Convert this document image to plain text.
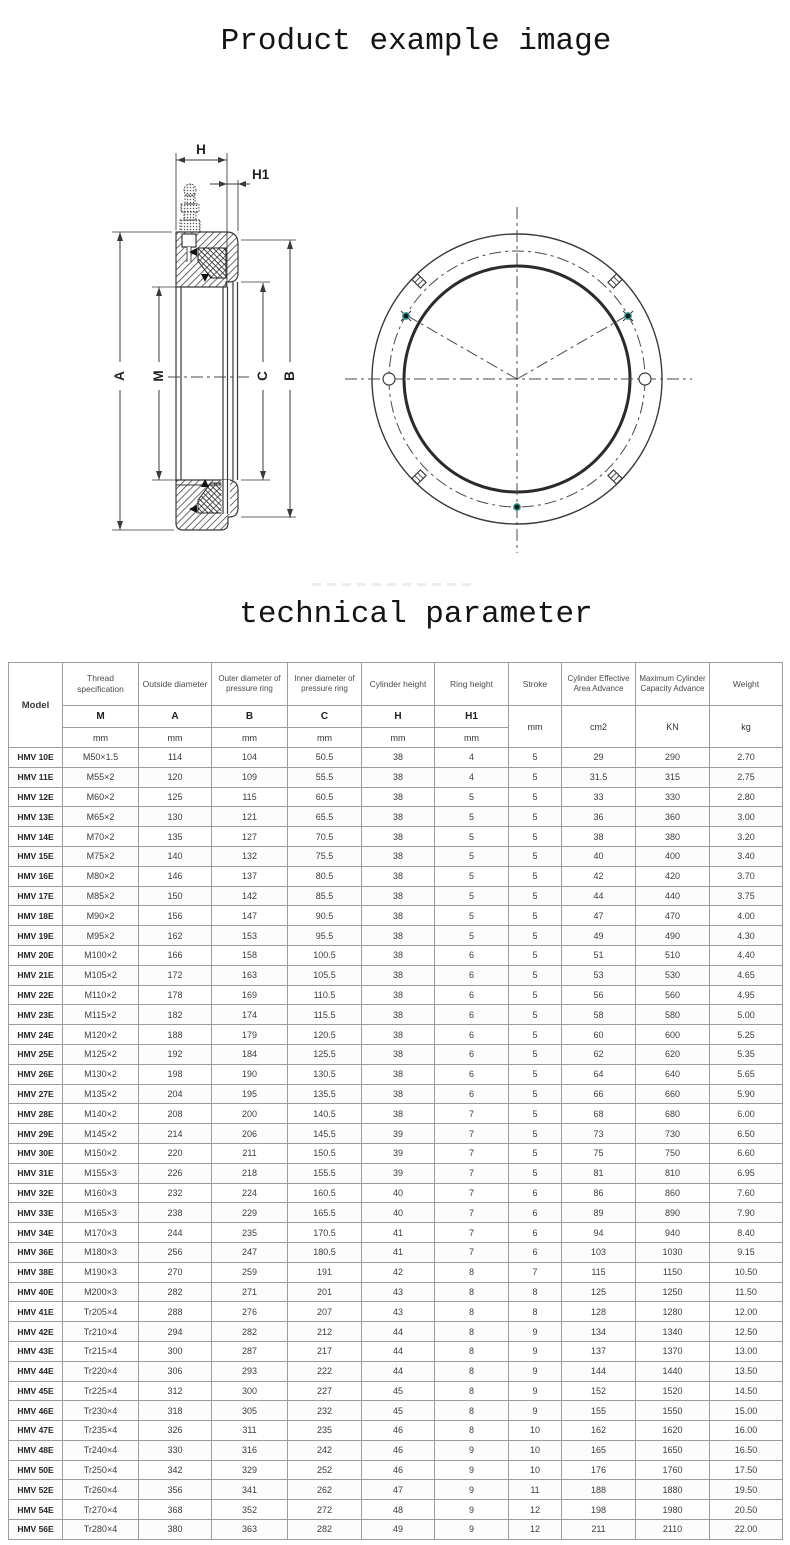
Product example image
H
H1
A M	C B
technical parameter
Model	Thread specification	Outside diameter	Outer diameter of pressure ring	Inner diameter of pressure ring	Cylinder height	Ring height	Stroke	Cylinder Effective Area Advance	Maximum Cylinder Capacity Advance	Weight
	M	A	B	C	H	H1	mm	cm2	KN	kg
	mm	mm	mm	mm	mm	mm				
HMV 10E	M50×1.5	114	104	50.5	38	4	5	29	290	2.70
HMV 11E	M55×2	120	109	55.5	38	4	5	31.5	315	2.75
HMV 12E	M60×2	125	115	60.5	38	5	5	33	330	2.80
HMV 13E	M65×2	130	121	65.5	38	5	5	36	360	3.00
HMV 14E	M70×2	135	127	70.5	38	5	5	38	380	3.20
HMV 15E	M75×2	140	132	75.5	38	5	5	40	400	3.40
HMV 16E	M80×2	146	137	80.5	38	5	5	42	420	3.70
HMV 17E	M85×2	150	142	85.5	38	5	5	44	440	3.75
HMV 18E	M90×2	156	147	90.5	38	5	5	47	470	4.00
HMV 19E	M95×2	162	153	95.5	38	5	5	49	490	4.30
HMV 20E	M100×2	166	158	100.5	38	6	5	51	510	4.40
HMV 21E	M105×2	172	163	105.5	38	6	5	53	530	4.65
HMV 22E	M110×2	178	169	110.5	38	6	5	56	560	4.95
HMV 23E	M115×2	182	174	115.5	38	6	5	58	580	5.00
HMV 24E	M120×2	188	179	120.5	38	6	5	60	600	5.25
HMV 25E	M125×2	192	184	125.5	38	6	5	62	620	5.35
HMV 26E	M130×2	198	190	130.5	38	6	5	64	640	5.65
HMV 27E	M135×2	204	195	135.5	38	6	5	66	660	5.90
HMV 28E	M140×2	208	200	140.5	38	7	5	68	680	6.00
HMV 29E	M145×2	214	206	145.5	39	7	5	73	730	6.50
HMV 30E	M150×2	220	211	150.5	39	7	5	75	750	6.60
HMV 31E	M155×3	226	218	155.5	39	7	5	81	810	6.95
HMV 32E	M160×3	232	224	160.5	40	7	6	86	860	7.60
HMV 33E	M165×3	238	229	165.5	40	7	6	89	890	7.90
HMV 34E	M170×3	244	235	170.5	41	7	6	94	940	8.40
HMV 36E	M180×3	256	247	180.5	41	7	6	103	1030	9.15
HMV 38E	M190×3	270	259	191	42	8	7	115	1150	10.50
HMV 40E	M200×3	282	271	201	43	8	8	125	1250	11.50
HMV 41E	Tr205×4	288	276	207	43	8	8	128	1280	12.00
HMV 42E	Tr210×4	294	282	212	44	8	9	134	1340	12.50
HMV 43E	Tr215×4	300	287	217	44	8	9	137	1370	13.00
HMV 44E	Tr220×4	306	293	222	44	8	9	144	1440	13.50
HMV 45E	Tr225×4	312	300	227	45	8	9	152	1520	14.50
HMV 46E	Tr230×4	318	305	232	45	8	9	155	1550	15.00
HMV 47E	Tr235×4	326	311	235	46	8	10	162	1620	16.00
HMV 48E	Tr240×4	330	316	242	46	9	10	165	1650	16.50
HMV 50E	Tr250×4	342	329	252	46	9	10	176	1760	17.50
HMV 52E	Tr260×4	356	341	262	47	9	11	188	1880	19.50
HMV 54E	Tr270×4	368	352	272	48	9	12	198	1980	20.50
HMV 56E	Tr280×4	380	363	282	49	9	12	211	2110	22.00
